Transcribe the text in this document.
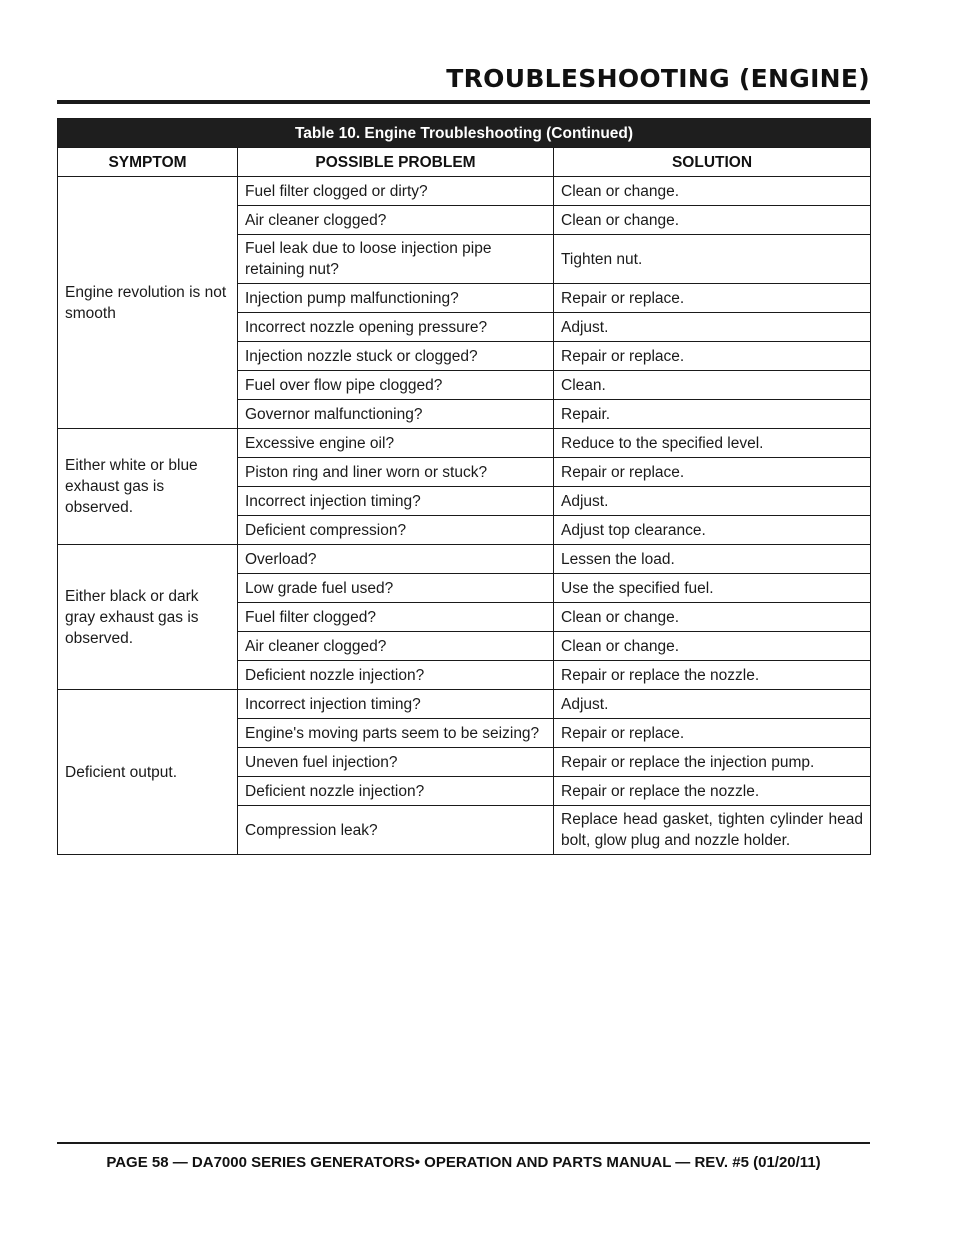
TROUBLESHOOTING (ENGINE)
Table 10. Engine Troubleshooting (Continued)		
SYMPTOM	POSSIBLE PROBLEM	SOLUTION
Engine revolution is not smooth	Fuel filter clogged or dirty?	Clean or change.
	Air cleaner clogged?	Clean or change.
	Fuel leak due to loose injection pipe retaining nut?	Tighten nut.
	Injection pump malfunctioning?	Repair or replace.
	Incorrect nozzle opening pressure?	Adjust.
	Injection nozzle stuck or clogged?	Repair or replace.
	Fuel over flow pipe clogged?	Clean.
	Governor malfunctioning?	Repair.
Either white or blue exhaust gas is observed.	Excessive engine oil?	Reduce to the specified level.
	Piston ring and liner worn or stuck?	Repair or replace.
	Incorrect injection timing?	Adjust.
	Deficient compression?	Adjust top clearance.
Either black or dark gray exhaust gas is observed.	Overload?	Lessen the load.
	Low grade fuel used?	Use the specified fuel.
	Fuel filter clogged?	Clean or change.
	Air cleaner clogged?	Clean or change.
	Deficient nozzle injection?	Repair or replace the nozzle.
Deficient output.	Incorrect injection timing?	Adjust.
	Engine's moving parts seem to be seizing?	Repair or replace.
	Uneven fuel injection?	Repair or replace the injection pump.
	Deficient nozzle injection?	Repair or replace the nozzle.
	Compression leak?	Replace head gasket, tighten cylinder head bolt, glow plug and nozzle holder.
PAGE 58 — DA7000 SERIES GENERATORS• OPERATION AND PARTS MANUAL — REV. #5 (01/20/11)
